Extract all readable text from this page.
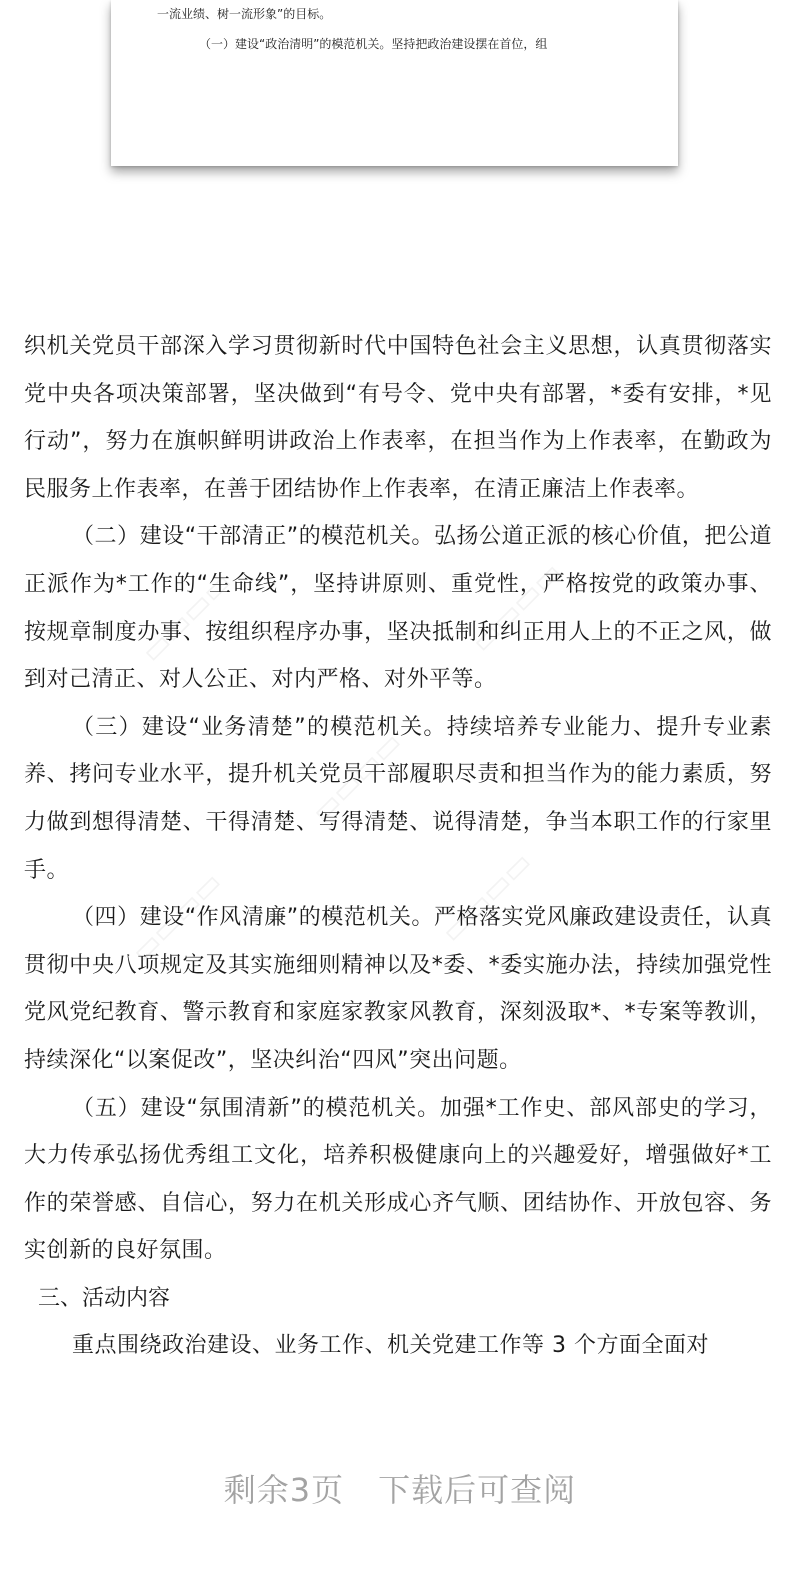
一流业绩、树一流形象”的目标。
（一）建设“政治清明”的模范机关。坚持把政治建设摆在首位，组
▭▭▭▭	▭▭▭▭
▭▭▭▭
▭▭▭▭	▭▭▭▭

织机关党员干部深入学习贯彻新时代中国特色社会主义思想，认真贯彻落实党中央各项决策部署，坚决做到“有号令、党中央有部署，*委有安排，*见行动”，努力在旗帜鲜明讲政治上作表率，在担当作为上作表率，在勤政为民服务上作表率，在善于团结协作上作表率，在清正廉洁上作表率。

（二）建设“干部清正”的模范机关。弘扬公道正派的核心价值，把公道正派作为*工作的“生命线”，坚持讲原则、重党性，严格按党的政策办事、按规章制度办事、按组织程序办事，坚决抵制和纠正用人上的不正之风，做到对己清正、对人公正、对内严格、对外平等。

（三）建设“业务清楚”的模范机关。持续培养专业能力、提升专业素养、拷问专业水平，提升机关党员干部履职尽责和担当作为的能力素质，努力做到想得清楚、干得清楚、写得清楚、说得清楚，争当本职工作的行家里手。

（四）建设“作风清廉”的模范机关。严格落实党风廉政建设责任，认真贯彻中央八项规定及其实施细则精神以及*委、*委实施办法，持续加强党性党风党纪教育、警示教育和家庭家教家风教育，深刻汲取*、*专案等教训，持续深化“以案促改”，坚决纠治“四风”突出问题。

（五）建设“氛围清新”的模范机关。加强*工作史、部风部史的学习，大力传承弘扬优秀组工文化，培养积极健康向上的兴趣爱好，增强做好*工作的荣誉感、自信心，努力在机关形成心齐气顺、团结协作、开放包容、务实创新的良好氛围。

三、活动内容

重点围绕政治建设、业务工作、机关党建工作等 3 个方面全面对

剩余3页 下载后可查阅
